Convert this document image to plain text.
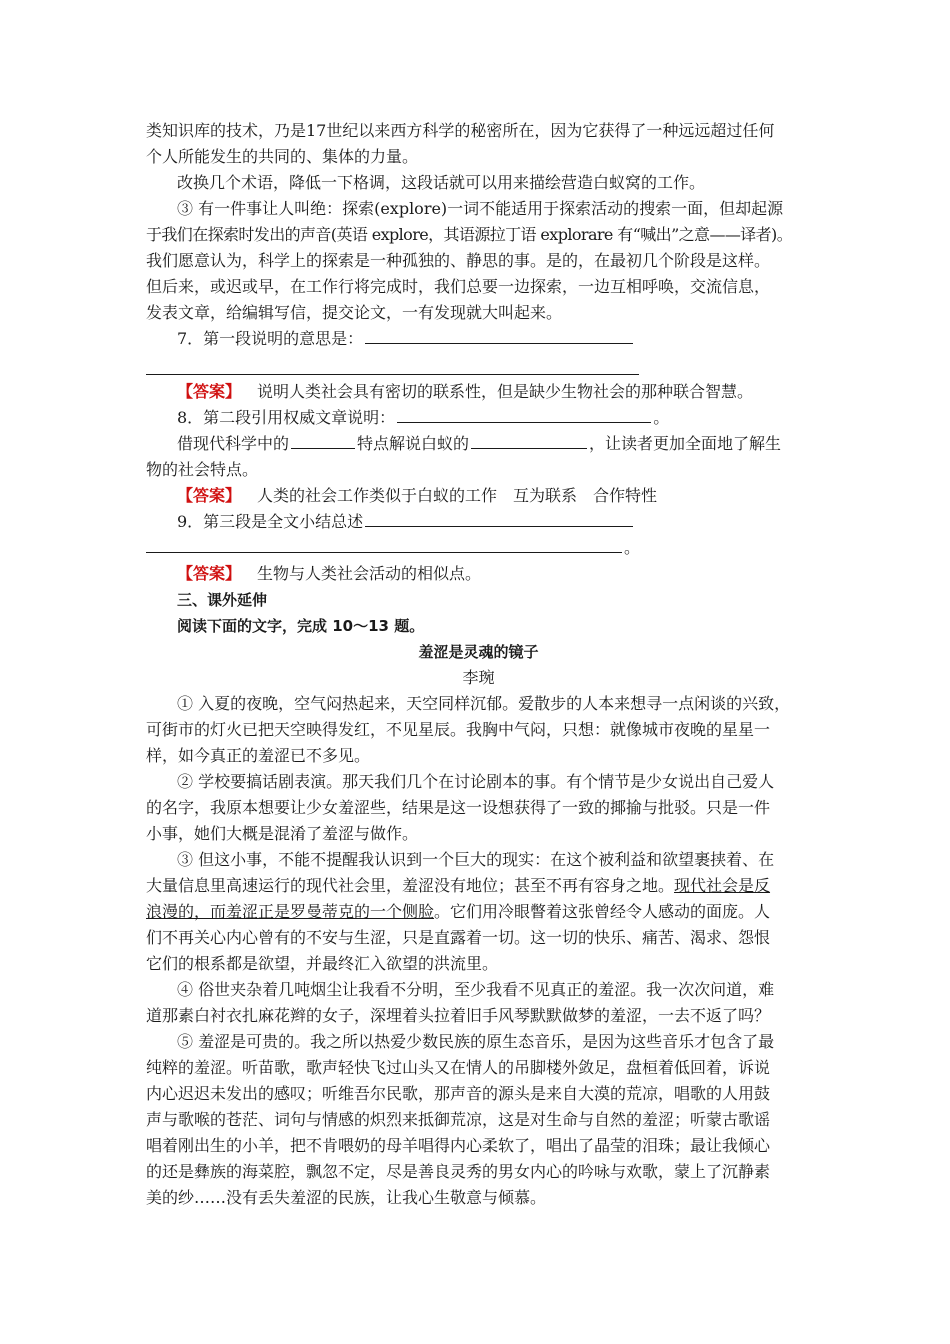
类知识库的技术，乃是17世纪以来西方科学的秘密所在，因为它获得了一种远远超过任何

个人所能发生的共同的、集体的力量。

改换几个术语，降低一下格调，这段话就可以用来描绘营造白蚁窝的工作。

③ 有一件事让人叫绝：探索(explore)一词不能适用于探索活动的搜索一面，但却起源

于我们在探索时发出的声音(英语 explore，其语源拉丁语 explorare 有“喊出”之意——译者)。

我们愿意认为，科学上的探索是一种孤独的、静思的事。是的，在最初几个阶段是这样。

但后来，或迟或早，在工作行将完成时，我们总要一边探索，一边互相呼唤，交流信息，

发表文章，给编辑写信，提交论文，一有发现就大叫起来。

7．第一段说明的意思是：

【答案】 说明人类社会具有密切的联系性，但是缺少生物社会的那种联合智慧。

8．第二段引用权威文章说明：	。

借现代科学中的	特点解说白蚁的	，让读者更加全面地了解生

物的社会特点。

【答案】 人类的社会工作类似于白蚁的工作　互为联系　合作特性

9．第三段是全文小结总述

。

【答案】 生物与人类社会活动的相似点。

三、课外延伸

阅读下面的文字，完成 10～13 题。

羞涩是灵魂的镜子

李琬

① 入夏的夜晚，空气闷热起来，天空同样沉郁。爱散步的人本来想寻一点闲谈的兴致，

可街市的灯火已把天空映得发红，不见星辰。我胸中气闷，只想：就像城市夜晚的星星一

样，如今真正的羞涩已不多见。

② 学校要搞话剧表演。那天我们几个在讨论剧本的事。有个情节是少女说出自己爱人

的名字，我原本想要让少女羞涩些，结果是这一设想获得了一致的揶揄与批驳。只是一件

小事，她们大概是混淆了羞涩与做作。

③ 但这小事，不能不提醒我认识到一个巨大的现实：在这个被利益和欲望裹挟着、在

大量信息里高速运行的现代社会里，羞涩没有地位；甚至不再有容身之地。现代社会是反

浪漫的，而羞涩正是罗曼蒂克的一个侧脸。它们用冷眼瞥着这张曾经令人感动的面庞。人

们不再关心内心曾有的不安与生涩，只是直露着一切。这一切的快乐、痛苦、渴求、怨恨

它们的根系都是欲望，并最终汇入欲望的洪流里。

④ 俗世夹杂着几吨烟尘让我看不分明，至少我看不见真正的羞涩。我一次次问道，难

道那素白衬衣扎麻花辫的女子，深埋着头拉着旧手风琴默默做梦的羞涩，一去不返了吗？

⑤ 羞涩是可贵的。我之所以热爱少数民族的原生态音乐，是因为这些音乐才包含了最

纯粹的羞涩。听苗歌，歌声轻快飞过山头又在情人的吊脚楼外敛足，盘桓着低回着，诉说

内心迟迟未发出的感叹；听维吾尔民歌，那声音的源头是来自大漠的荒凉，唱歌的人用鼓

声与歌喉的苍茫、词句与情感的炽烈来抵御荒凉，这是对生命与自然的羞涩；听蒙古歌谣

唱着刚出生的小羊，把不肯喂奶的母羊唱得内心柔软了，唱出了晶莹的泪珠；最让我倾心

的还是彝族的海菜腔，飘忽不定，尽是善良灵秀的男女内心的吟咏与欢歌，蒙上了沉静素

美的纱……没有丢失羞涩的民族，让我心生敬意与倾慕。
